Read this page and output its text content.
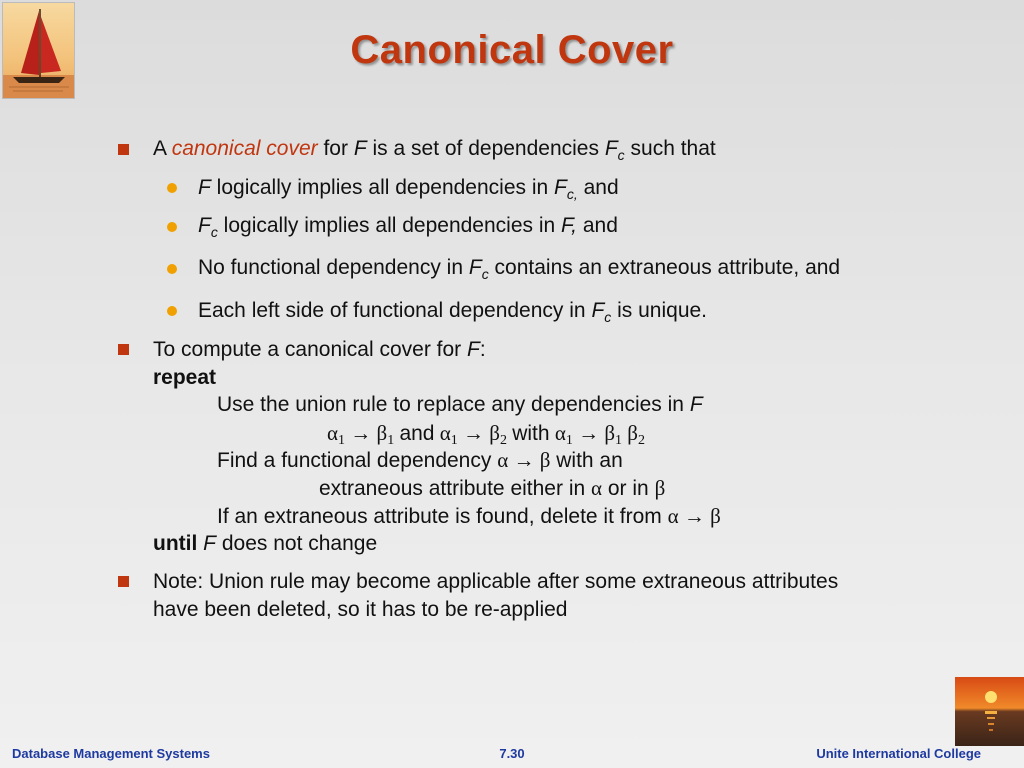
Canonical Cover
A canonical cover for F is a set of dependencies $F_c$ such that
F logically implies all dependencies in $F_{c,}$ and
$F_c$ logically implies all dependencies in F, and
No functional dependency in $F_c$ contains an extraneous attribute, and
Each left side of functional dependency in $F_c$ is unique.
To compute a canonical cover for F:
repeat
Use the union rule to replace any dependencies in F
α1 → β1 and α1 → β2 with α1 → β1 β2
Find a functional dependency α → β with an
extraneous attribute either in α or in β
If an extraneous attribute is found, delete it from α → β
until F does not change
Note: Union rule may become applicable after some extraneous attributes
have been deleted, so it has to be re-applied
Database Management Systems	7.30	Unite International College
